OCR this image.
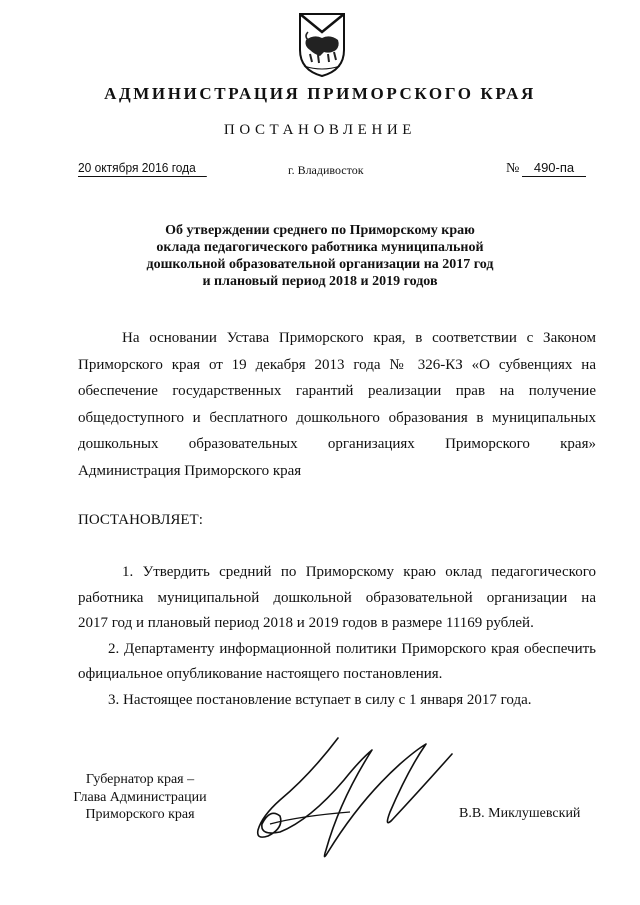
АДМИНИСТРАЦИЯ ПРИМОРСКОГО КРАЯ
ПОСТАНОВЛЕНИЕ
20 октября 2016 года	г. Владивосток	№	490-па
Об утверждении среднего по Приморскому краю
оклада педагогического работника муниципальной
дошкольной образовательной организации на 2017 год
и плановый период 2018 и 2019 годов
На основании Устава Приморского края, в соответствии с Законом
Приморского края от 19 декабря 2013 года № 326-КЗ «О субвенциях на
обеспечение государственных гарантий реализации прав на получение
общедоступного и бесплатного дошкольного образования в муниципальных
дошкольных образовательных организациях Приморского края»
Администрация Приморского края
ПОСТАНОВЛЯЕТ:
1. Утвердить средний по Приморскому краю оклад педагогического
работника муниципальной дошкольной образовательной организации на
2017 год и плановый период 2018 и 2019 годов в размере 11169 рублей.
2. Департаменту информационной политики Приморского края обеспечить
официальное опубликование настоящего постановления.
3. Настоящее постановление вступает в силу с 1 января 2017 года.
Губернатор края –
Глава Администрации
Приморского края	В.В. Миклушевский
